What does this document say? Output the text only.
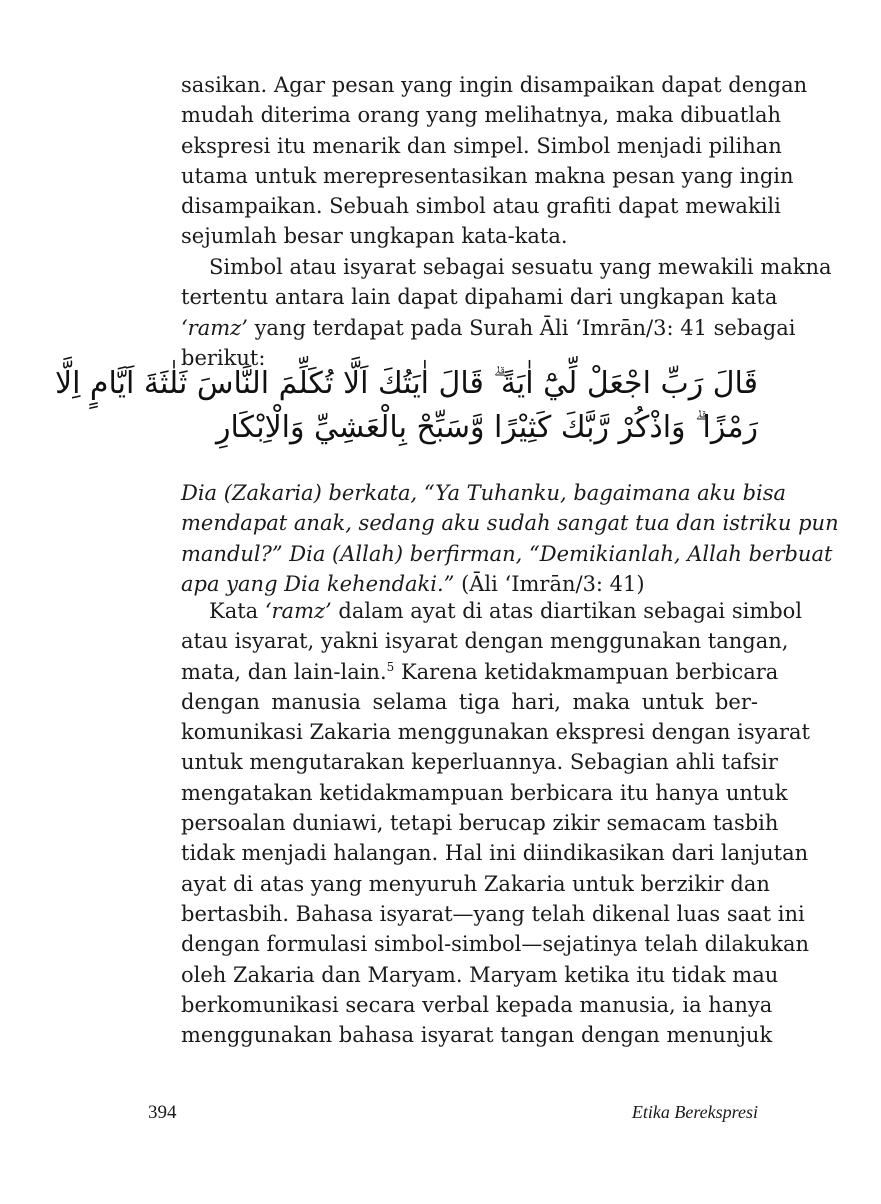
sasikan. Agar pesan yang ingin disampaikan dapat dengan
mudah diterima orang yang melihatnya, maka dibuatlah
ekspresi itu menarik dan simpel. Simbol menjadi pilihan
utama untuk merepresentasikan makna pesan yang ingin
disampaikan. Sebuah simbol atau grafiti dapat mewakili
sejumlah besar ungkapan kata-kata.
Simbol atau isyarat sebagai sesuatu yang mewakili makna
tertentu antara lain dapat dipahami dari ungkapan kata
‘ramz’ yang terdapat pada Surah Āli ‘Imrān/3: 41 sebagai
berikut:
قَالَ رَبِّ اجْعَلْ لِّيْٓ اٰيَةً ۗ قَالَ اٰيَتُكَ اَلَّا تُكَلِّمَ النَّاسَ ثَلٰثَةَ اَيَّامٍ اِلَّا
رَمْزًا ۗ وَاذْكُرْ رَّبَّكَ كَثِيْرًا وَّسَبِّحْ بِالْعَشِيِّ وَالْاِبْكَارِ
Dia (Zakaria) berkata, “Ya Tuhanku, bagaimana aku bisa
mendapat anak, sedang aku sudah sangat tua dan istriku pun
mandul?” Dia (Allah) berfirman, “Demikianlah, Allah berbuat
apa yang Dia kehendaki.” (Āli ‘Imrān/3: 41)
Kata ‘ramz’ dalam ayat di atas diartikan sebagai simbol
atau isyarat, yakni isyarat dengan menggunakan tangan,
mata, dan lain-lain.$^5$ Karena ketidakmampuan berbicara
dengan manusia selama tiga hari, maka untuk ber-
komunikasi Zakaria menggunakan ekspresi dengan isyarat
untuk mengutarakan keperluannya. Sebagian ahli tafsir
mengatakan ketidakmampuan berbicara itu hanya untuk
persoalan duniawi, tetapi berucap zikir semacam tasbih
tidak menjadi halangan. Hal ini diindikasikan dari lanjutan
ayat di atas yang menyuruh Zakaria untuk berzikir dan
bertasbih. Bahasa isyarat—yang telah dikenal luas saat ini
dengan formulasi simbol-simbol—sejatinya telah dilakukan
oleh Zakaria dan Maryam. Maryam ketika itu tidak mau
berkomunikasi secara verbal kepada manusia, ia hanya
menggunakan bahasa isyarat tangan dengan menunjuk
394	Etika Berekspresi
